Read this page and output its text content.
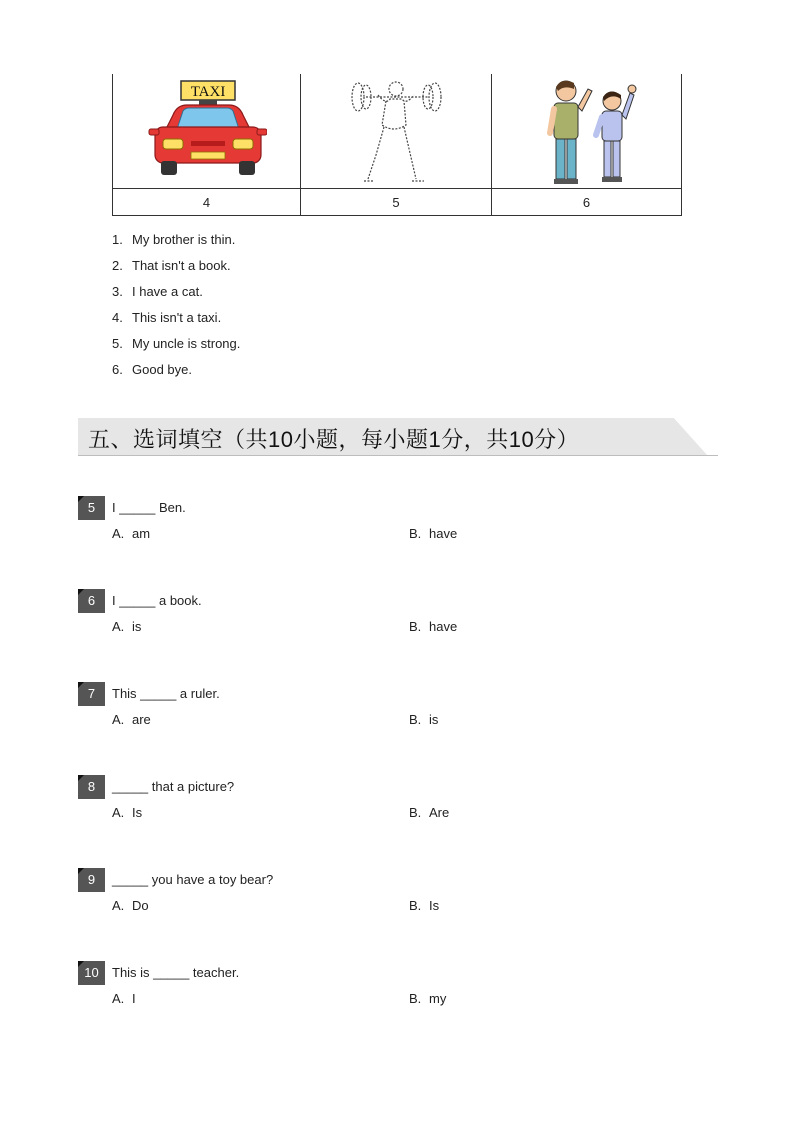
TAXI

4	5	6
1. My brother is thin.
2. That isn't a book.
3. I have a cat.
4. This isn't a taxi.
5. My uncle is strong.
6. Good bye.
五、选词填空（共10小题，每小题1分，共10分）
5	I _____ Ben.
A. am	B. have
6	I _____ a book.
A. is	B. have
7	This _____ a ruler.
A. are	B. is
8	_____ that a picture?
A. Is	B. Are
9	_____ you have a toy bear?
A. Do	B. Is
10	This is _____ teacher.
A. I	B. my
